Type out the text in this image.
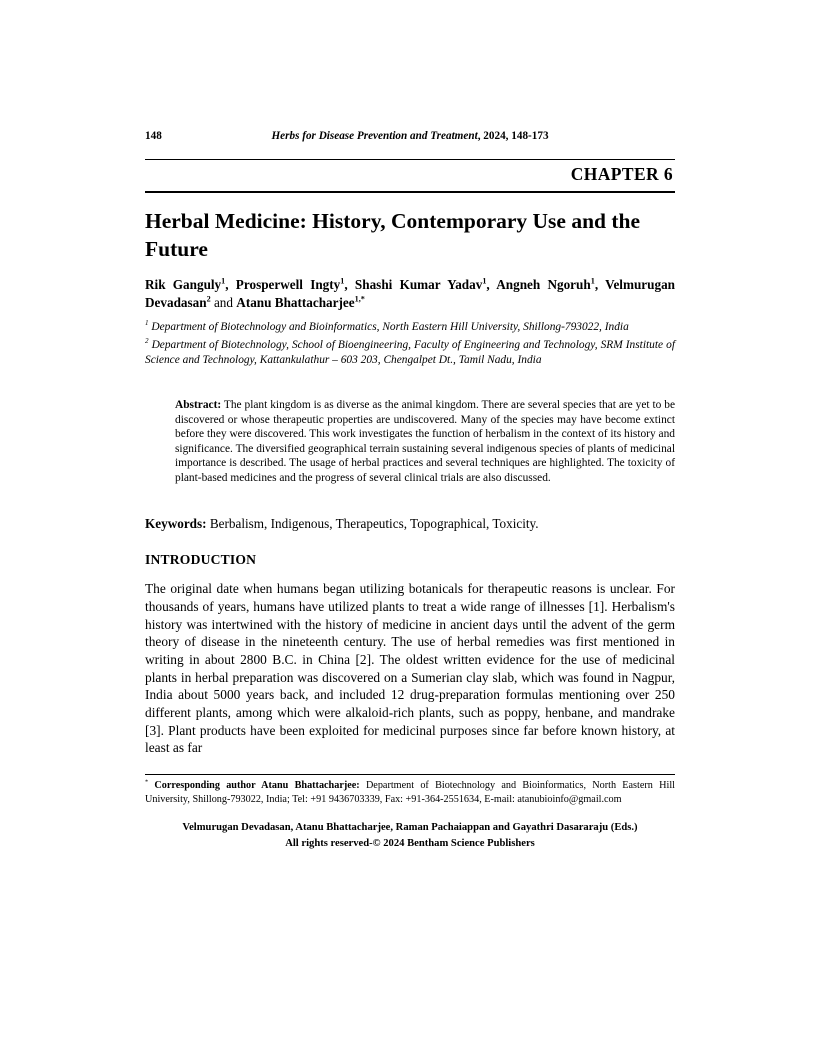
148	Herbs for Disease Prevention and Treatment, 2024, 148-173
CHAPTER 6
Herbal Medicine: History, Contemporary Use and the Future
Rik Ganguly$^1$, Prosperwell Ingty$^1$, Shashi Kumar Yadav$^1$, Angneh Ngoruh$^1$, Velmurugan Devadasan$^2$ and Atanu Bhattacharjee$^{1,*}$
$^1$ Department of Biotechnology and Bioinformatics, North Eastern Hill University, Shillong-793022, India
$^2$ Department of Biotechnology, School of Bioengineering, Faculty of Engineering and Technology, SRM Institute of Science and Technology, Kattankulathur – 603 203, Chengalpet Dt., Tamil Nadu, India
Abstract: The plant kingdom is as diverse as the animal kingdom. There are several species that are yet to be discovered or whose therapeutic properties are undiscovered. Many of the species may have become extinct before they were discovered. This work investigates the function of herbalism in the context of its history and significance. The diversified geographical terrain sustaining several indigenous species of plants of medicinal importance is described. The usage of herbal practices and several techniques are highlighted. The toxicity of plant-based medicines and the progress of several clinical trials are also discussed.
Keywords: Berbalism, Indigenous, Therapeutics, Topographical, Toxicity.
INTRODUCTION

The original date when humans began utilizing botanicals for therapeutic reasons is unclear. For thousands of years, humans have utilized plants to treat a wide range of illnesses [1]. Herbalism's history was intertwined with the history of medicine in ancient days until the advent of the germ theory of disease in the nineteenth century. The use of herbal remedies was first mentioned in writing in about 2800 B.C. in China [2]. The oldest written evidence for the use of medicinal plants in herbal preparation was discovered on a Sumerian clay slab, which was found in Nagpur, India about 5000 years back, and included 12 drug-preparation formulas mentioning over 250 different plants, among which were alkaloid-rich plants, such as poppy, henbane, and mandrake [3]. Plant products have been exploited for medicinal purposes since far before known history, at least as far

* Corresponding author Atanu Bhattacharjee: Department of Biotechnology and Bioinformatics, North Eastern Hill University, Shillong-793022, India; Tel: +91 9436703339, Fax: +91-364-2551634, E-mail: atanubioinfo@gmail.com
Velmurugan Devadasan, Atanu Bhattacharjee, Raman Pachaiappan and Gayathri Dasararaju (Eds.)
All rights reserved-© 2024 Bentham Science Publishers
